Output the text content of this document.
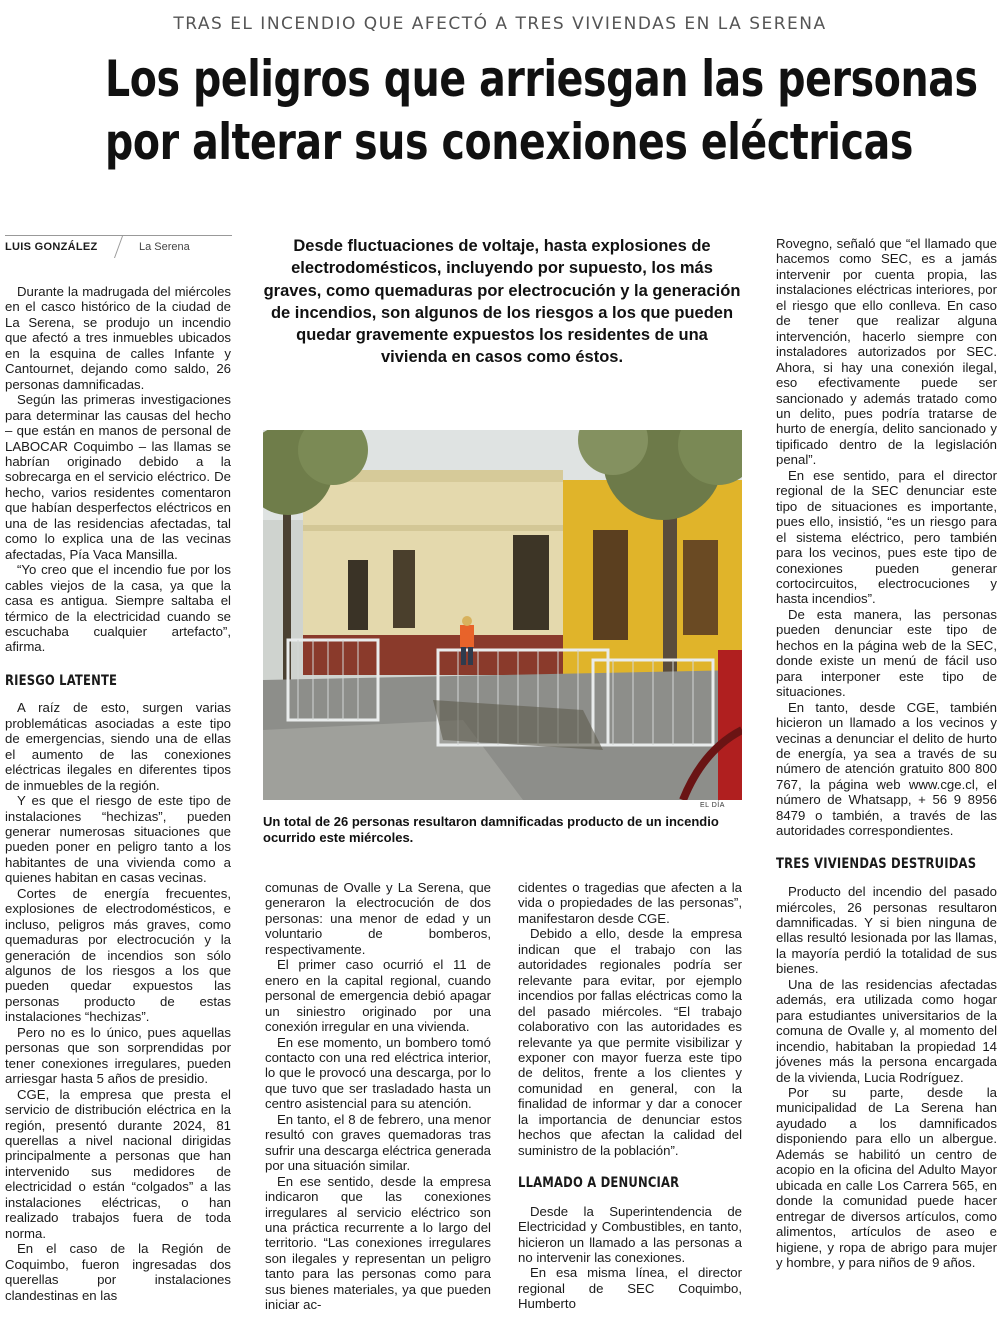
TRAS EL INCENDIO QUE AFECTÓ A TRES VIVIENDAS EN LA SERENA
Los peligros que arriesgan las personas
por alterar sus conexiones eléctricas
LUIS GONZÁLEZ	La Serena

Durante la madrugada del miércoles en el casco histórico de la ciudad de La Serena, se produjo un incendio que afectó a tres inmuebles ubicados en la esquina de calles Infante y Cantournet, dejando como saldo, 26 personas damnificadas.

Según las primeras investigaciones para determinar las causas del hecho – que están en manos de personal de LABOCAR Coquimbo – las llamas se habrían originado debido a la sobrecarga en el servicio eléctrico. De hecho, varios residentes comentaron que habían desperfectos eléctricos en una de las residencias afectadas, tal como lo explica una de las vecinas afectadas, Pía Vaca Mansilla.

“Yo creo que el incendio fue por los cables viejos de la casa, ya que la casa es antigua. Siempre saltaba el térmico de la electricidad cuando se escuchaba cualquier artefacto”, afirma.

RIESGO LATENTE

A raíz de esto, surgen varias problemáticas asociadas a este tipo de emergencias, siendo una de ellas el aumento de las conexiones eléctricas ilegales en diferentes tipos de inmuebles de la región.

Y es que el riesgo de este tipo de instalaciones “hechizas”, pueden generar numerosas situaciones que pueden poner en peligro tanto a los habitantes de una vivienda como a quienes habitan en casas vecinas.

Cortes de energía frecuentes, explosiones de electrodomésticos, e incluso, peligros más graves, como quemaduras por electrocución y la generación de incendios son sólo algunos de los riesgos a los que pueden quedar expuestos las personas producto de estas instalaciones “hechizas”.

Pero no es lo único, pues aquellas personas que son sorprendidas por tener conexiones irregulares, pueden arriesgar hasta 5 años de presidio.

CGE, la empresa que presta el servicio de distribución eléctrica en la región, presentó durante 2024, 81 querellas a nivel nacional dirigidas principalmente a personas que han intervenido sus medidores de electricidad o están “colgados” a las instalaciones eléctricas, o han realizado trabajos fuera de toda norma.

En el caso de la Región de Coquimbo, fueron ingresadas dos querellas por instalaciones clandestinas en las

Desde fluctuaciones de voltaje, hasta explosiones de electrodomésticos, incluyendo por supuesto, los más graves, como quemaduras por electrocución y la generación de incendios, son algunos de los riesgos a los que pueden quedar gravemente expuestos los residentes de una vivienda en casos como éstos.
EL DÍA
Un total de 26 personas resultaron damnificadas producto de un incendio ocurrido este miércoles.

comunas de Ovalle y La Serena, que generaron la electrocución de dos personas: una menor de edad y un voluntario de bomberos, respectivamente.

El primer caso ocurrió el 11 de enero en la capital regional, cuando personal de emergencia debió apagar un siniestro originado por una conexión irregular en una vivienda.

En ese momento, un bombero tomó contacto con una red eléctrica interior, lo que le provocó una descarga, por lo que tuvo que ser trasladado hasta un centro asistencial para su atención.

En tanto, el 8 de febrero, una menor resultó con graves quemadoras tras sufrir una descarga eléctrica generada por una situación similar.

En ese sentido, desde la empresa indicaron que las conexiones irregulares al servicio eléctrico son una práctica recurrente a lo largo del territorio. “Las conexiones irregulares son ilegales y representan un peligro tanto para las personas como para sus bienes materiales, ya que pueden iniciar ac-

cidentes o tragedias que afecten a la vida o propiedades de las personas”, manifestaron desde CGE.

Debido a ello, desde la empresa indican que el trabajo con las autoridades regionales podría ser relevante para evitar, por ejemplo incendios por fallas eléctricas como la del pasado miércoles. “El trabajo colaborativo con las autoridades es relevante ya que permite visibilizar y exponer con mayor fuerza este tipo de delitos, frente a los clientes y comunidad en general, con la finalidad de informar y dar a conocer la importancia de denunciar estos hechos que afectan la calidad del suministro de la población”.

LLAMADO A DENUNCIAR

Desde la Superintendencia de Electricidad y Combustibles, en tanto, hicieron un llamado a las personas a no intervenir las conexiones.

En esa misma línea, el director regional de SEC Coquimbo, Humberto

Rovegno, señaló que “el llamado que hacemos como SEC, es a jamás intervenir por cuenta propia, las instalaciones eléctricas interiores, por el riesgo que ello conlleva. En caso de tener que realizar alguna intervención, hacerlo siempre con instaladores autorizados por SEC. Ahora, si hay una conexión ilegal, eso efectivamente puede ser sancionado y además tratado como un delito, pues podría tratarse de hurto de energía, delito sancionado y tipificado dentro de la legislación penal”.

En ese sentido, para el director regional de la SEC denunciar este tipo de situaciones es importante, pues ello, insistió, “es un riesgo para el sistema eléctrico, pero también para los vecinos, pues este tipo de conexiones pueden generar cortocircuitos, electrocuciones y hasta incendios”.

De esta manera, las personas pueden denunciar este tipo de hechos en la página web de la SEC, donde existe un menú de fácil uso para interponer este tipo de situaciones.

En tanto, desde CGE, también hicieron un llamado a los vecinos y vecinas a denunciar el delito de hurto de energía, ya sea a través de su número de atención gratuito 800 800 767, la página web www.cge.cl, el número de Whatsapp, + 56 9 8956 8479 o también, a través de las autoridades correspondientes.

TRES VIVIENDAS DESTRUIDAS

Producto del incendio del pasado miércoles, 26 personas resultaron damnificadas. Y si bien ninguna de ellas resultó lesionada por las llamas, la mayoría perdió la totalidad de sus bienes.

Una de las residencias afectadas además, era utilizada como hogar para estudiantes universitarios de la comuna de Ovalle y, al momento del incendio, habitaban la propiedad 14 jóvenes más la persona encargada de la vivienda, Lucia Rodríguez.

Por su parte, desde la municipalidad de La Serena han ayudado a los damnificados disponiendo para ello un albergue. Además se habilitó un centro de acopio en la oficina del Adulto Mayor ubicada en calle Los Carrera 565, en donde la comunidad puede hacer entregar de diversos artículos, como alimentos, artículos de aseo e higiene, y ropa de abrigo para mujer y hombre, y para niños de 9 años.
